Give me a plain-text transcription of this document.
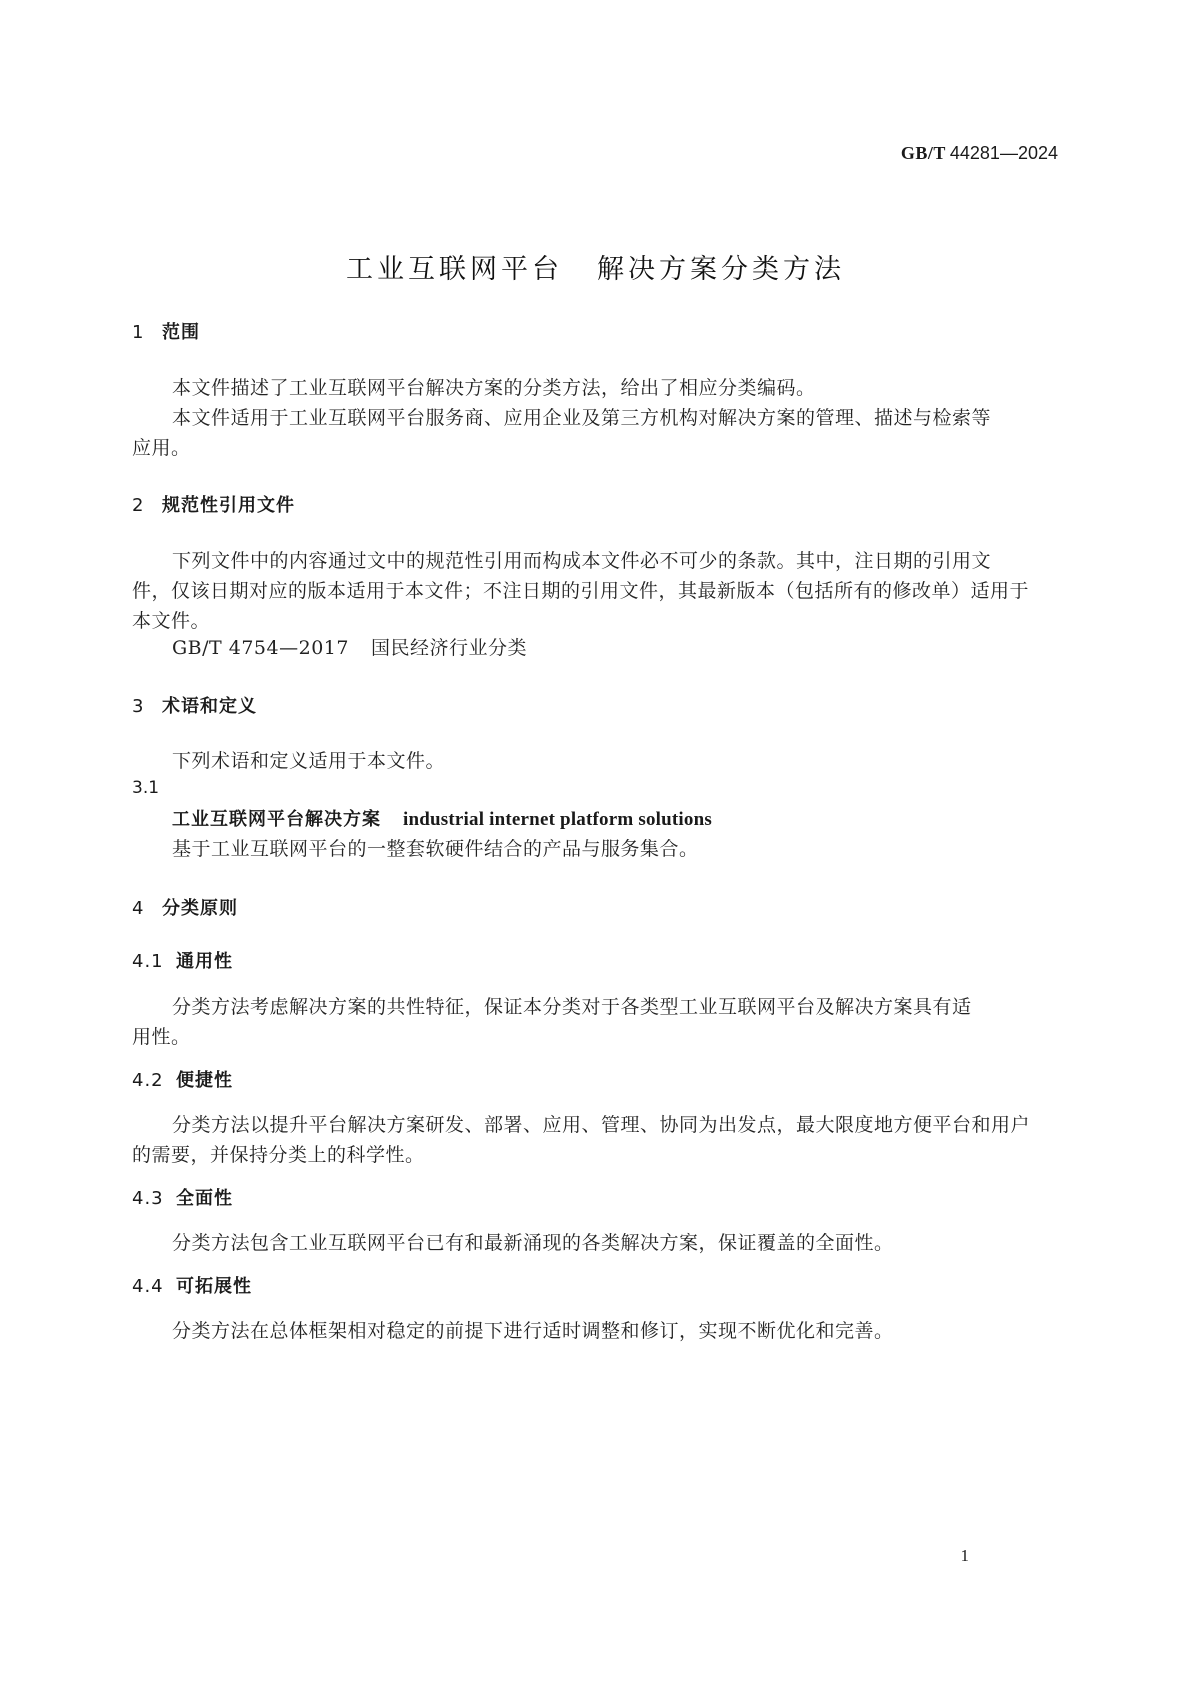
GB/T 44281—2024
工业互联网平台 解决方案分类方法
1 范围
本文件描述了工业互联网平台解决方案的分类方法，给出了相应分类编码。
本文件适用于工业互联网平台服务商、应用企业及第三方机构对解决方案的管理、描述与检索等
应用。
2 规范性引用文件
下列文件中的内容通过文中的规范性引用而构成本文件必不可少的条款。其中，注日期的引用文
件，仅该日期对应的版本适用于本文件；不注日期的引用文件，其最新版本（包括所有的修改单）适用于
本文件。
GB/T 4754—2017 国民经济行业分类
3 术语和定义
下列术语和定义适用于本文件。
3.1
工业互联网平台解决方案 industrial internet platform solutions
基于工业互联网平台的一整套软硬件结合的产品与服务集合。
4 分类原则
4.1 通用性
分类方法考虑解决方案的共性特征，保证本分类对于各类型工业互联网平台及解决方案具有适
用性。
4.2 便捷性
分类方法以提升平台解决方案研发、部署、应用、管理、协同为出发点，最大限度地方便平台和用户
的需要，并保持分类上的科学性。
4.3 全面性
分类方法包含工业互联网平台已有和最新涌现的各类解决方案，保证覆盖的全面性。
4.4 可拓展性
分类方法在总体框架相对稳定的前提下进行适时调整和修订，实现不断优化和完善。
1
